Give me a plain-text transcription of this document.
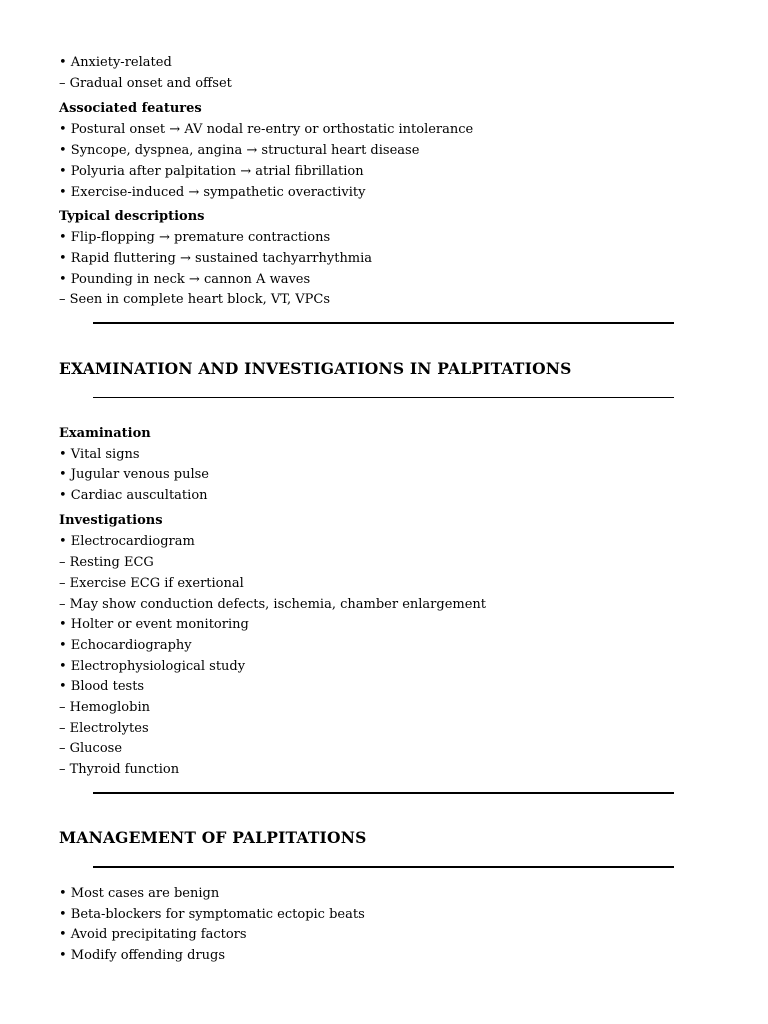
• Anxiety-related
– Gradual onset and offset
Associated features
• Postural onset → AV nodal re-entry or orthostatic intolerance
• Syncope, dyspnea, angina → structural heart disease
• Polyuria after palpitation → atrial fibrillation
• Exercise-induced → sympathetic overactivity
Typical descriptions
• Flip-flopping → premature contractions
• Rapid fluttering → sustained tachyarrhythmia
• Pounding in neck → cannon A waves
– Seen in complete heart block, VT, VPCs
EXAMINATION AND INVESTIGATIONS IN PALPITATIONS
Examination
• Vital signs
• Jugular venous pulse
• Cardiac auscultation
Investigations
• Electrocardiogram
– Resting ECG
– Exercise ECG if exertional
– May show conduction defects, ischemia, chamber enlargement
• Holter or event monitoring
• Echocardiography
• Electrophysiological study
• Blood tests
– Hemoglobin
– Electrolytes
– Glucose
– Thyroid function
MANAGEMENT OF PALPITATIONS
• Most cases are benign
• Beta-blockers for symptomatic ectopic beats
• Avoid precipitating factors
• Modify offending drugs
